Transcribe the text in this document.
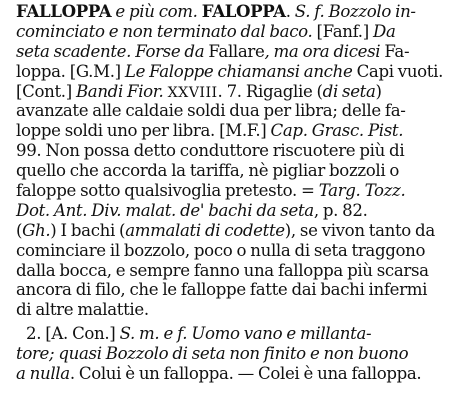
FALLOPPA e più com. FALOPPA. S. f. Bozzolo in-
cominciato e non terminato dal baco. [Fanf.] Da
seta scadente. Forse da Fallare, ma ora dicesi Fa-
loppa. [G.M.] Le Faloppe chiamansi anche Capi vuoti.
[Cont.] Bandi Fior. XXVIII. 7. Rigaglie (di seta)
avanzate alle caldaie soldi dua per libra; delle fa-
loppe soldi uno per libra. [M.F.] Cap. Grasc. Pist.
99. Non possa detto conduttore riscuotere più di
quello che accorda la tariffa, nè pigliar bozzoli o
faloppe sotto qualsivoglia pretesto. = Targ. Tozz.
Dot. Ant. Div. malat. de' bachi da seta, p. 82.
(Gh.) I bachi (ammalati di codette), se vivon tanto da
cominciare il bozzolo, poco o nulla di seta traggono
dalla bocca, e sempre fanno una falloppa più scarsa
ancora di filo, che le falloppe fatte dai bachi infermi
di altre malattie.
2. [A. Con.] S. m. e f. Uomo vano e millanta-
tore; quasi Bozzolo di seta non finito e non buono
a nulla. Colui è un falloppa. — Colei è una falloppa.
